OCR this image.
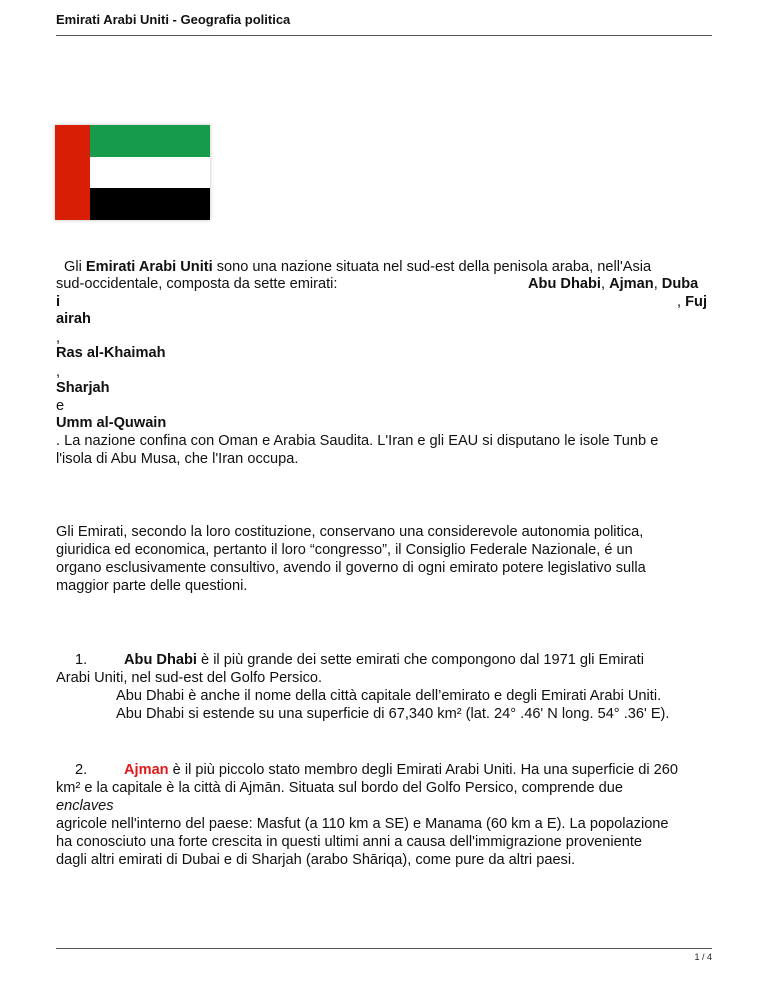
Emirati Arabi Uniti - Geografia politica
Gli Emirati Arabi Uniti sono una nazione situata nel sud-est della penisola araba, nell'Asia
sud-occidentale, composta da sette emirati:	Abu Dhabi, Ajman, Duba
i	, Fuj
airah
,
Ras al-Khaimah
,
Sharjah
e
Umm al-Quwain
. La nazione confina con Oman e Arabia Saudita. L'Iran e gli EAU si disputano le isole Tunb e
l'isola di Abu Musa, che l'Iran occupa.
Gli Emirati, secondo la loro costituzione, conservano una considerevole autonomia politica,
giuridica ed economica, pertanto il loro “congresso”, il Consiglio Federale Nazionale, é un
organo esclusivamente consultivo, avendo il governo di ogni emirato potere legislativo sulla
maggior parte delle questioni.
1.	Abu Dhabi è il più grande dei sette emirati che compongono dal 1971 gli Emirati
Arabi Uniti, nel sud-est del Golfo Persico.
Abu Dhabi è anche il nome della città capitale dell’emirato e degli Emirati Arabi Uniti.
Abu Dhabi si estende su una superficie di 67,340 km² (lat. 24° .46' N long. 54° .36' E).
2.	Ajman è il più piccolo stato membro degli Emirati Arabi Uniti. Ha una superficie di 260
km² e la capitale è la città di Ajmān. Situata sul bordo del Golfo Persico, comprende due
enclaves
agricole nell'interno del paese: Masfut (a 110 km a SE) e Manama (60 km a E). La popolazione
ha conosciuto una forte crescita in questi ultimi anni a causa dell'immigrazione proveniente
dagli altri emirati di Dubai e di Sharjah (arabo Shāriqa), come pure da altri paesi.
1 / 4
